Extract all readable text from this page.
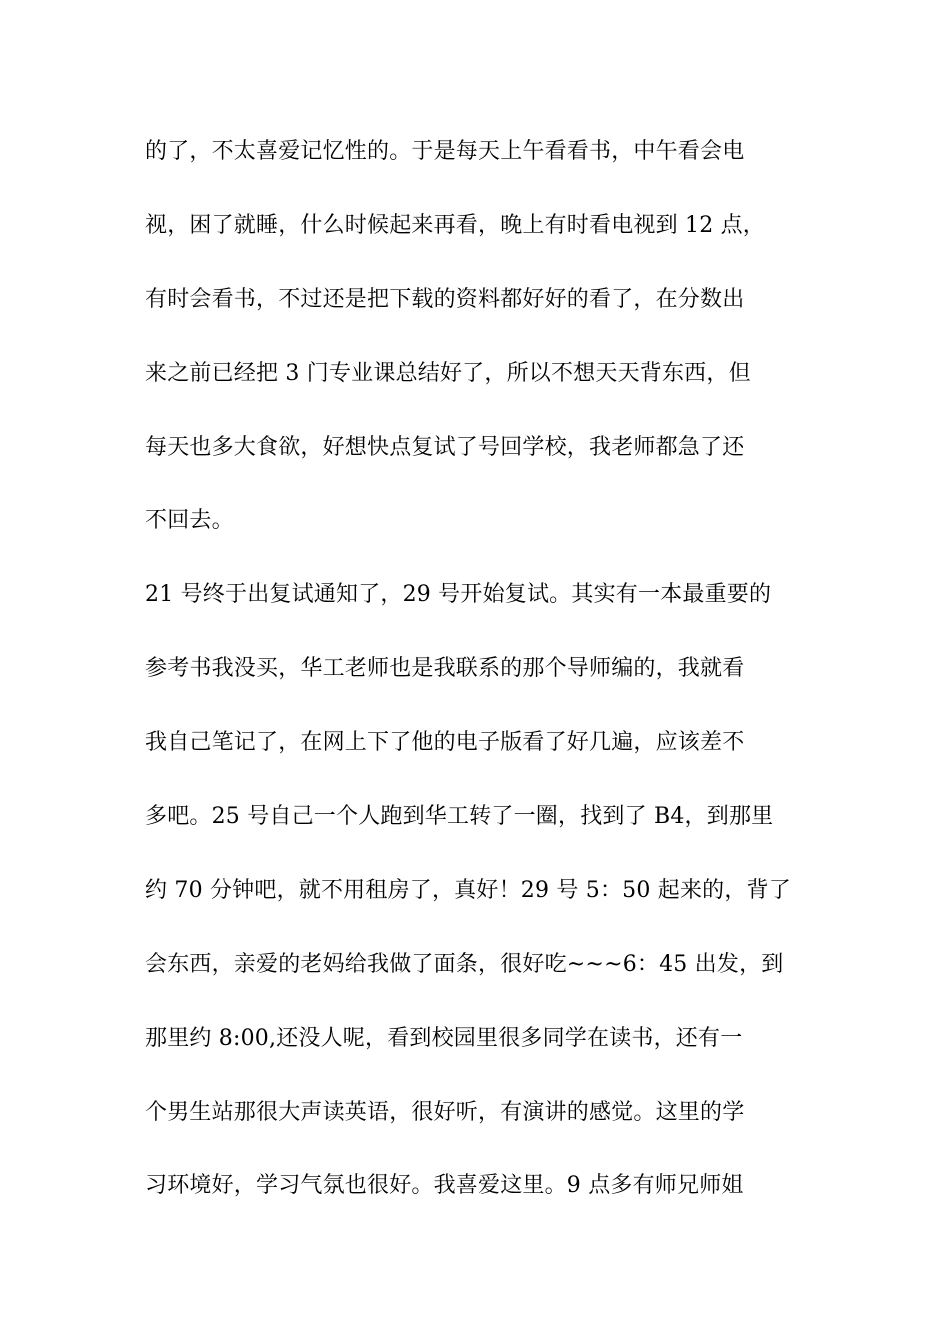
的了，不太喜爱记忆性的。于是每天上午看看书，中午看会电
视，困了就睡，什么时候起来再看，晚上有时看电视到 12 点，
有时会看书，不过还是把下载的资料都好好的看了，在分数出
来之前已经把 3 门专业课总结好了，所以不想天天背东西，但
每天也多大食欲，好想快点复试了号回学校，我老师都急了还
不回去。
21 号终于出复试通知了，29 号开始复试。其实有一本最重要的
参考书我没买，华工老师也是我联系的那个导师编的，我就看
我自己笔记了，在网上下了他的电子版看了好几遍，应该差不
多吧。25 号自己一个人跑到华工转了一圈，找到了 B4，到那里
约 70 分钟吧，就不用租房了，真好！29 号 5：50 起来的，背了
会东西，亲爱的老妈给我做了面条，很好吃~~~6：45 出发，到
那里约 8:00,还没人呢，看到校园里很多同学在读书，还有一
个男生站那很大声读英语，很好听，有演讲的感觉。这里的学
习环境好，学习气氛也很好。我喜爱这里。9 点多有师兄师姐
